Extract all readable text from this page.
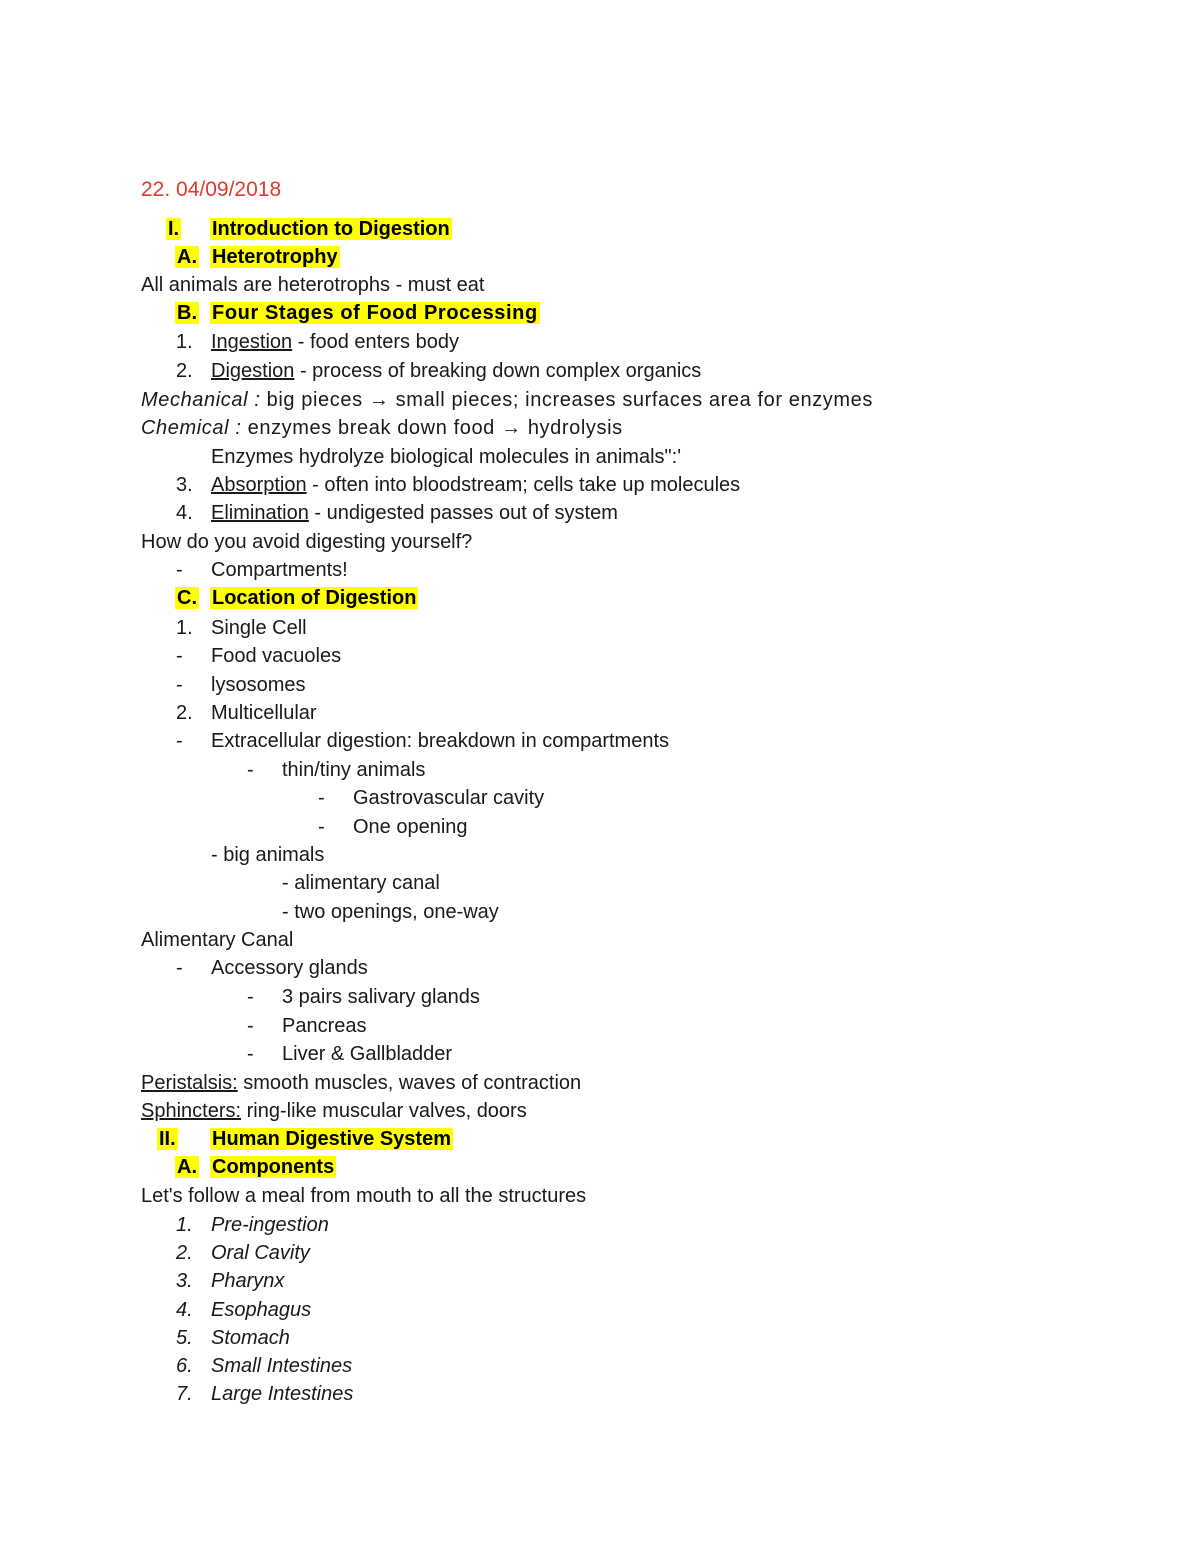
22. 04/09/2018
I. Introduction to Digestion
A. Heterotrophy
All animals are heterotrophs - must eat
B. Four Stages of Food Processing
1. Ingestion - food enters body
2. Digestion - process of breaking down complex organics
Mechanical : big pieces → small pieces; increases surfaces area for enzymes
Chemical : enzymes break down food → hydrolysis
Enzymes hydrolyze biological molecules in animals":'
3. Absorption - often into bloodstream; cells take up molecules
4. Elimination - undigested passes out of system
How do you avoid digesting yourself?
- Compartments!
C. Location of Digestion
1. Single Cell
- Food vacuoles
- lysosomes
2. Multicellular
- Extracellular digestion: breakdown in compartments
- thin/tiny animals
- Gastrovascular cavity
- One opening
- big animals
- alimentary canal
- two openings, one-way
Alimentary Canal
- Accessory glands
- 3 pairs salivary glands
- Pancreas
- Liver & Gallbladder
Peristalsis: smooth muscles, waves of contraction
Sphincters: ring-like muscular valves, doors
II. Human Digestive System
A. Components
Let's follow a meal from mouth to all the structures
1. Pre-ingestion
2. Oral Cavity
3. Pharynx
4. Esophagus
5. Stomach
6. Small Intestines
7. Large Intestines
